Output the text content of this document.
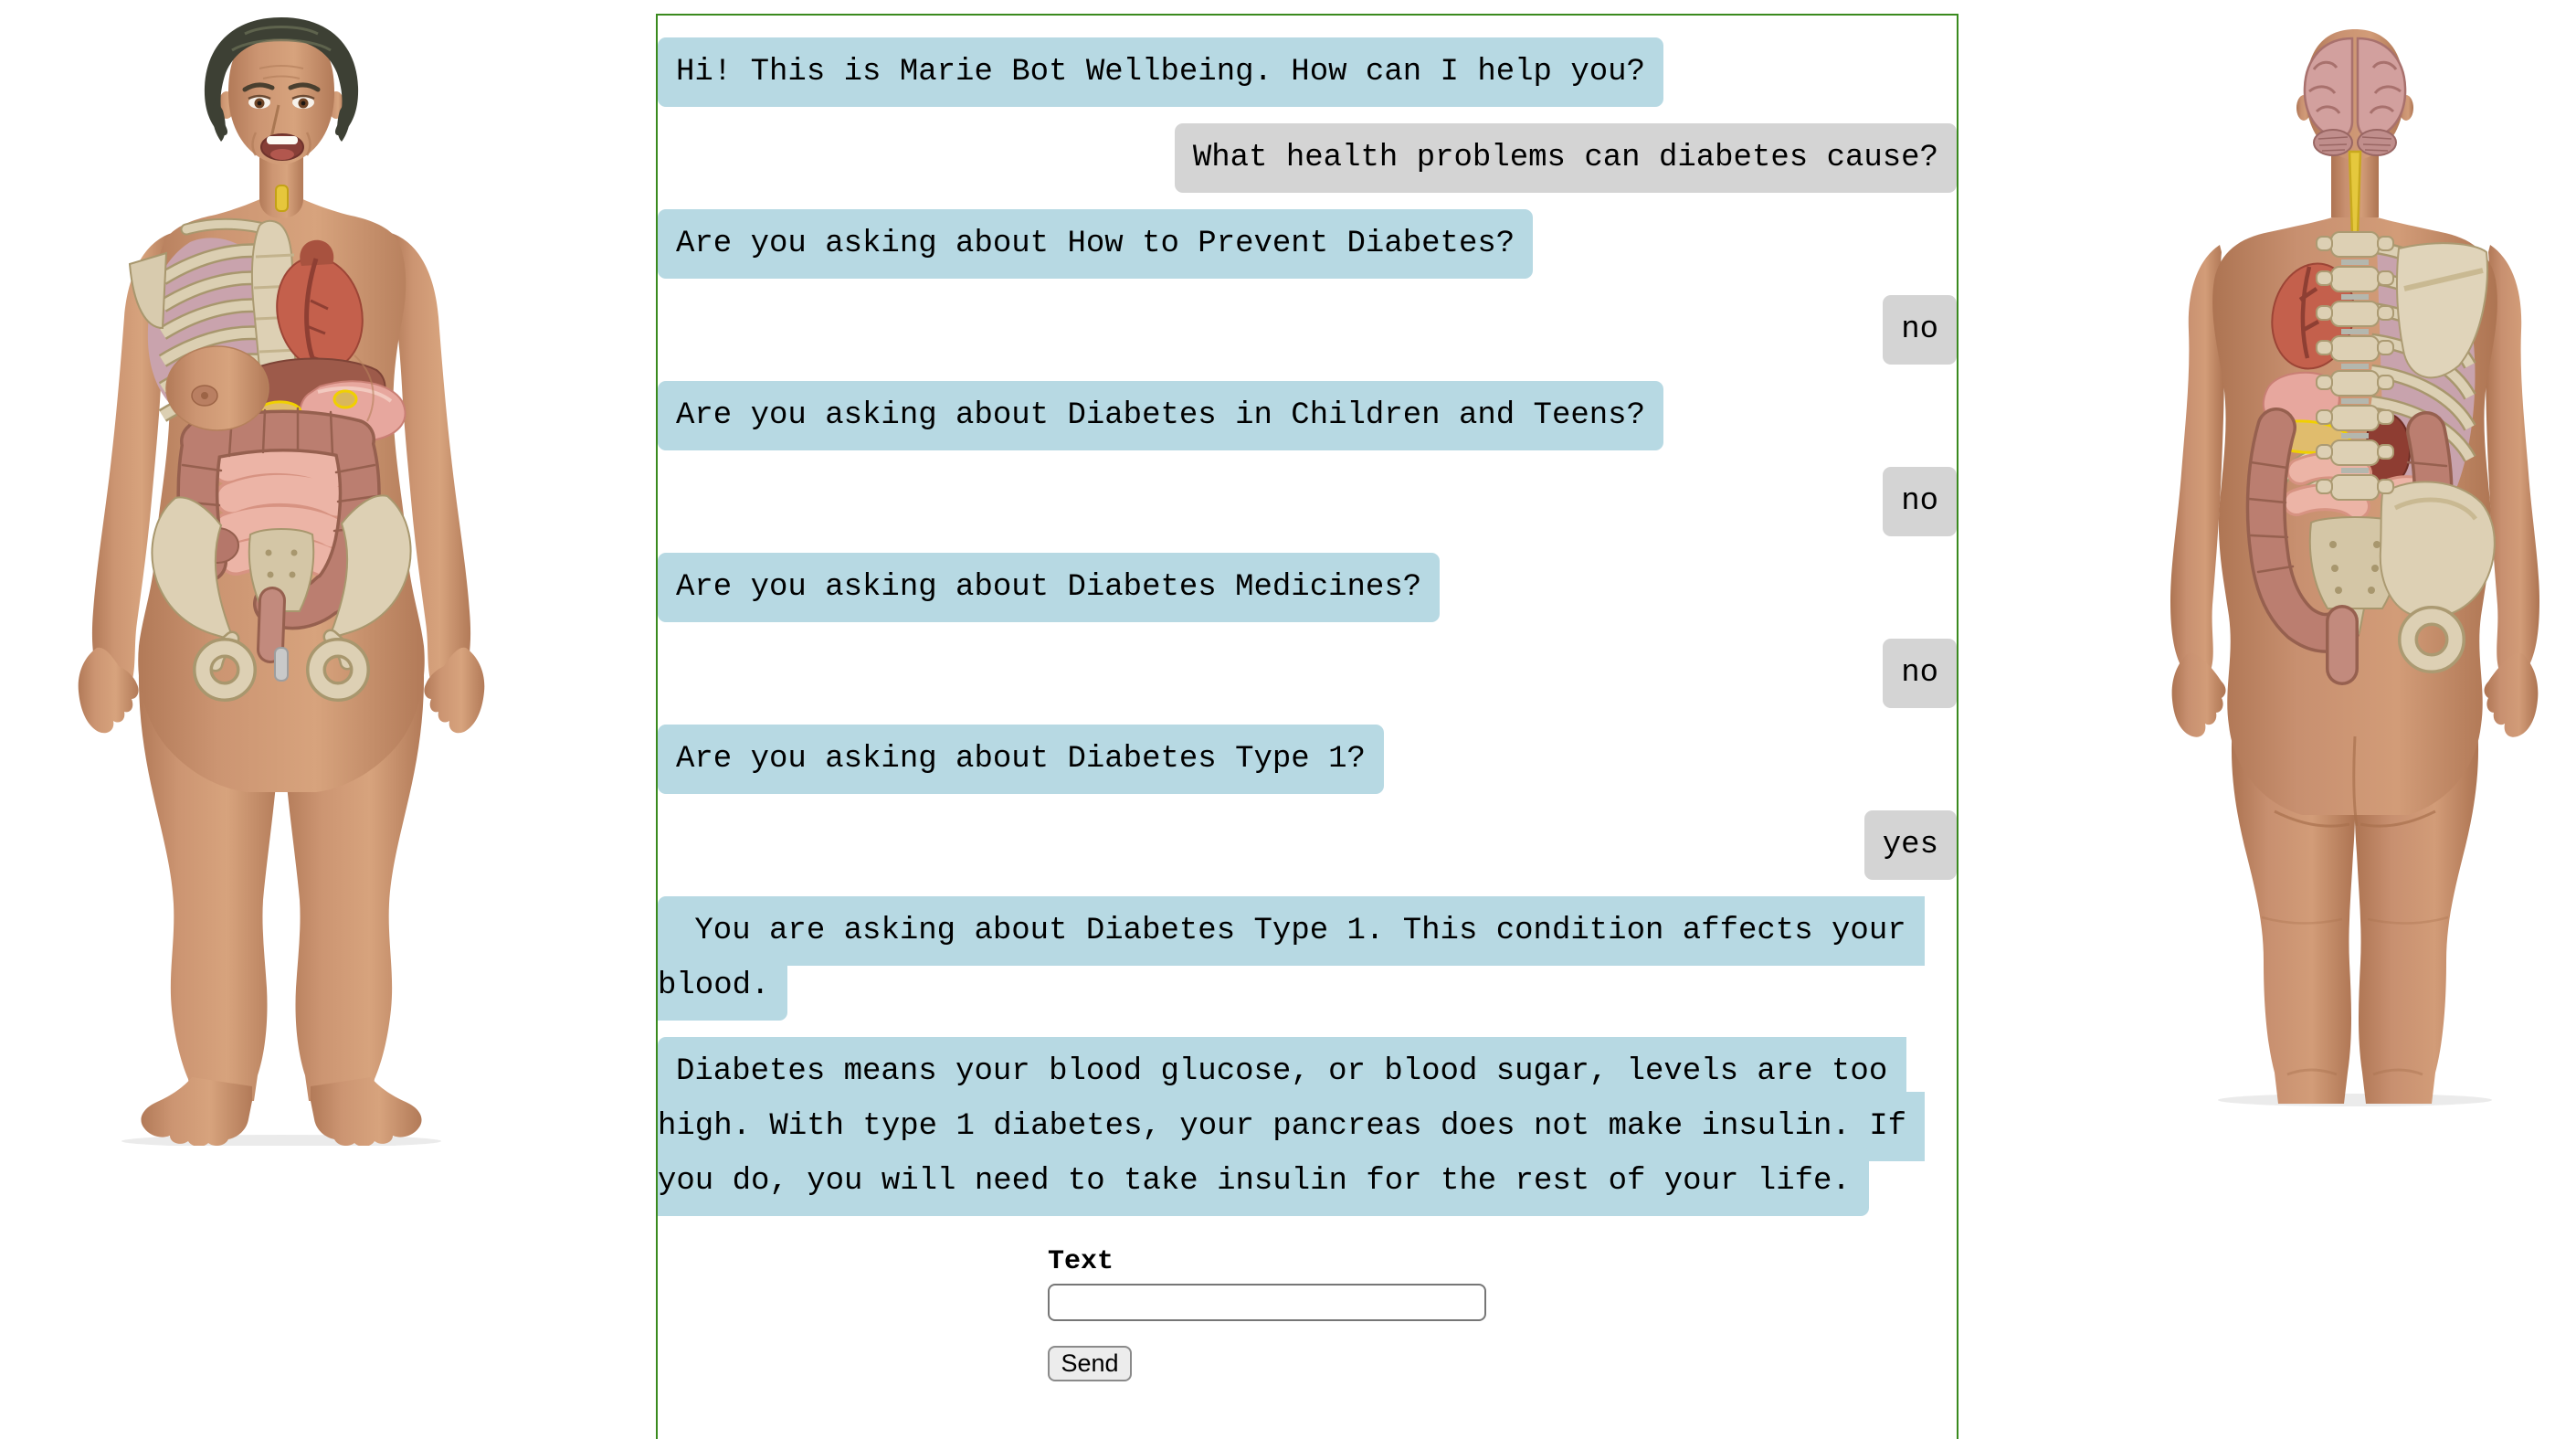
Hi! This is Marie Bot Wellbeing. How can I help you?
What health problems can diabetes cause?
Are you asking about How to Prevent Diabetes?
no
Are you asking about Diabetes in Children and Teens?
no
Are you asking about Diabetes Medicines?
no
Are you asking about Diabetes Type 1?
yes
You are asking about Diabetes Type 1. This condition affects your blood.
Diabetes means your blood glucose, or blood sugar, levels are too high. With type 1 diabetes, your pancreas does not make insulin. If you do, you will need to take insulin for the rest of your life.
Text
Send
